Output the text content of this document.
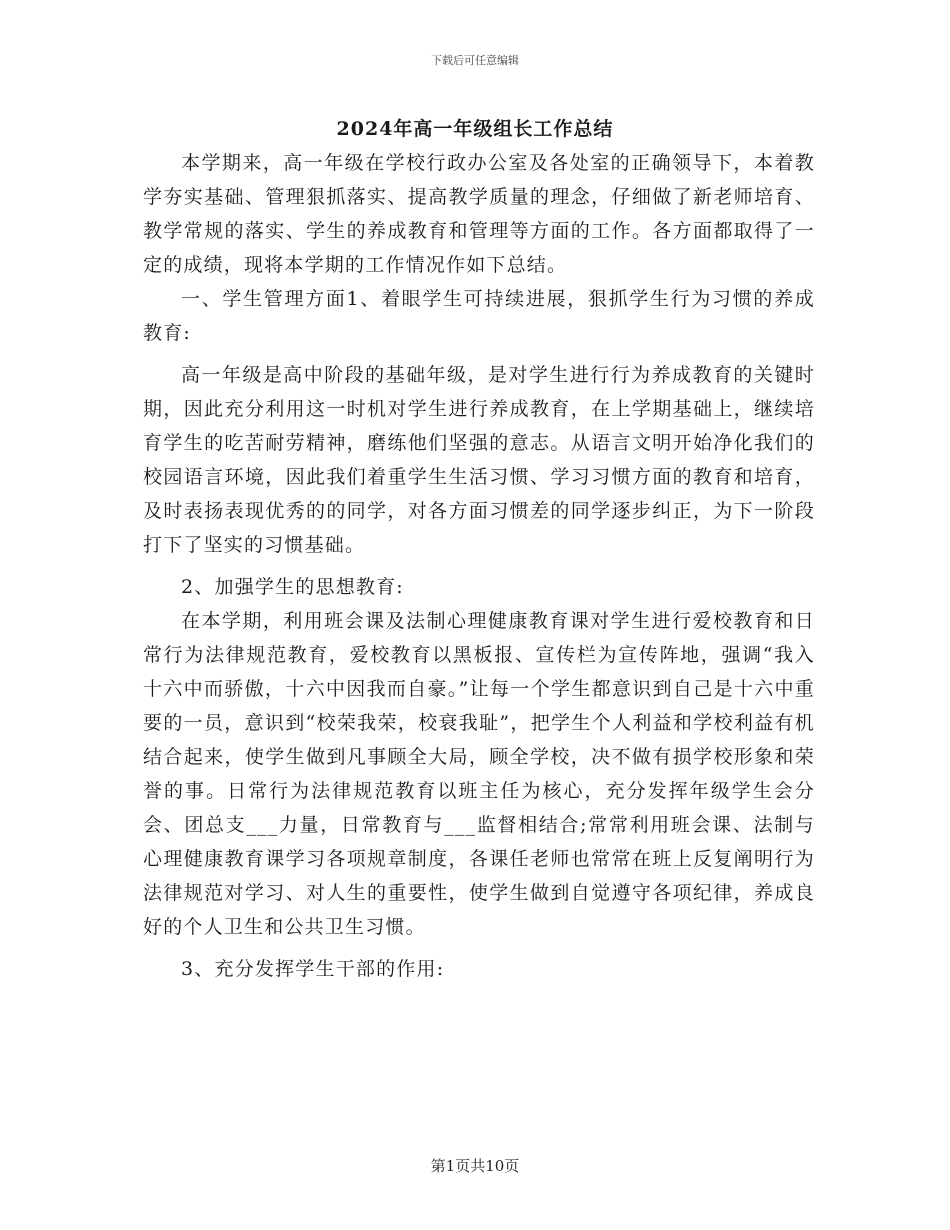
下载后可任意编辑
2024年高一年级组长工作总结

本学期来，高一年级在学校行政办公室及各处室的正确领导下，本着教学夯实基础、管理狠抓落实、提高教学质量的理念，仔细做了新老师培育、教学常规的落实、学生的养成教育和管理等方面的工作。各方面都取得了一定的成绩，现将本学期的工作情况作如下总结。

一、学生管理方面1、着眼学生可持续进展，狠抓学生行为习惯的养成教育:

高一年级是高中阶段的基础年级，是对学生进行行为养成教育的关键时期，因此充分利用这一时机对学生进行养成教育，在上学期基础上，继续培育学生的吃苦耐劳精神，磨练他们坚强的意志。从语言文明开始净化我们的校园语言环境，因此我们着重学生生活习惯、学习习惯方面的教育和培育，及时表扬表现优秀的的同学，对各方面习惯差的同学逐步纠正，为下一阶段打下了坚实的习惯基础。

2、加强学生的思想教育:

在本学期，利用班会课及法制心理健康教育课对学生进行爱校教育和日常行为法律规范教育，爱校教育以黑板报、宣传栏为宣传阵地，强调“我入十六中而骄傲，十六中因我而自豪。”让每一个学生都意识到自己是十六中重要的一员，意识到“校荣我荣，校衰我耻”，把学生个人利益和学校利益有机结合起来，使学生做到凡事顾全大局，顾全学校，决不做有损学校形象和荣誉的事。日常行为法律规范教育以班主任为核心，充分发挥年级学生会分会、团总支___力量，日常教育与___监督相结合;常常利用班会课、法制与心理健康教育课学习各项规章制度，各课任老师也常常在班上反复阐明行为法律规范对学习、对人生的重要性，使学生做到自觉遵守各项纪律，养成良好的个人卫生和公共卫生习惯。

3、充分发挥学生干部的作用:

第1页共10页
